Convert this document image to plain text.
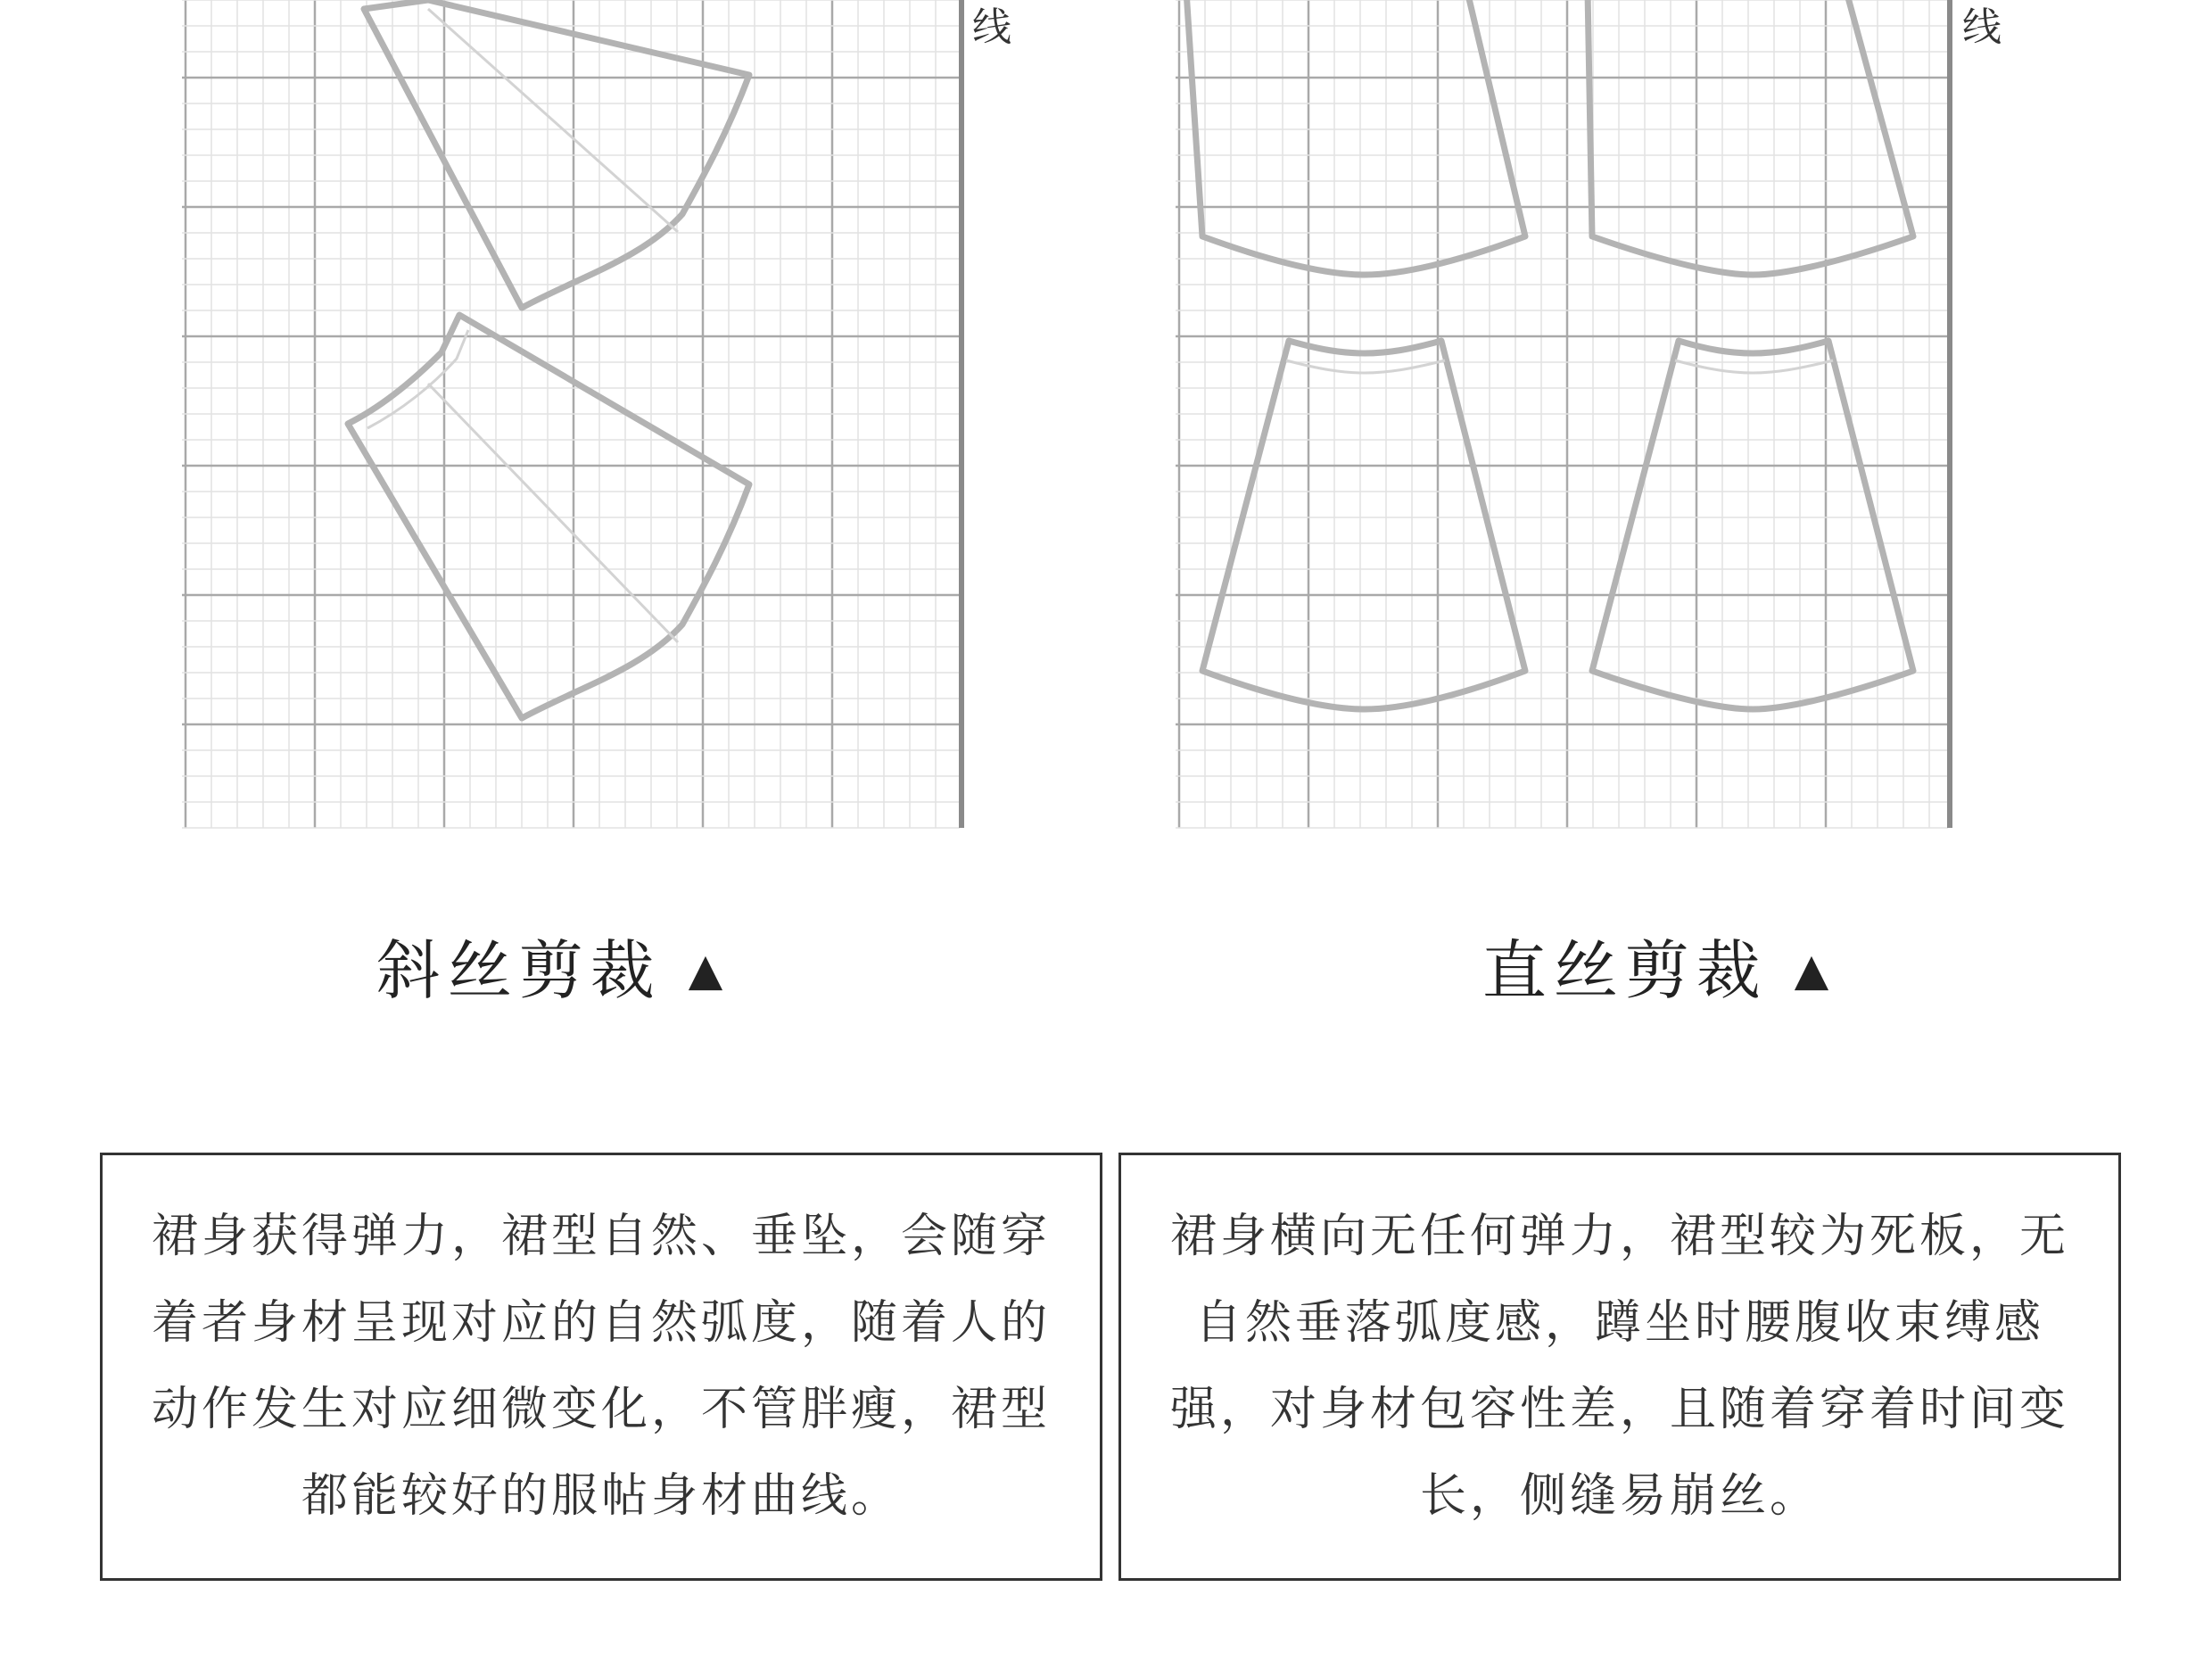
线	线
斜丝剪裁 ▲	直丝剪裁 ▲
裙身获得弹力，裙型自然、垂坠，会随穿着者身材呈现对应的自然弧度，随着人的动作发生对应细微变化，不管胖瘦，裙型都能较好的服帖身材曲线。
裙身横向无任何弹力，裙型较为死板，无自然垂落弧度感，蹲坐时腰腹收束缚感强，对身材包容性差，且随着穿着时间变长，侧缝易崩丝。
